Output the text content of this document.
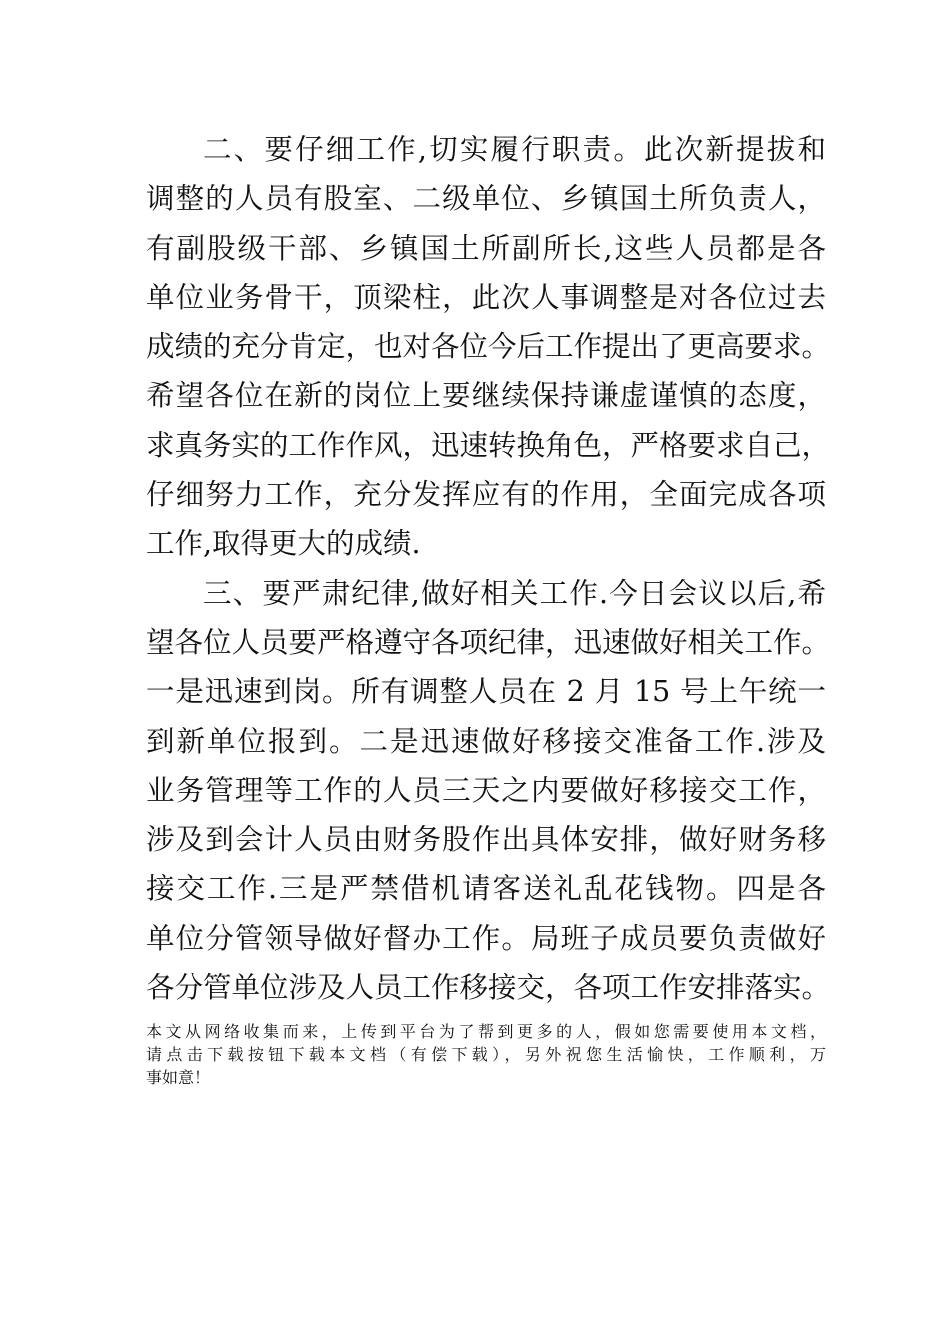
二、要仔细工作,切实履行职责。此次新提拔和
调整的人员有股室、二级单位、乡镇国土所负责人，
有副股级干部、乡镇国土所副所长,这些人员都是各
单位业务骨干，顶梁柱，此次人事调整是对各位过去
成绩的充分肯定，也对各位今后工作提出了更高要求。
希望各位在新的岗位上要继续保持谦虚谨慎的态度，
求真务实的工作作风，迅速转换角色，严格要求自己，
仔细努力工作，充分发挥应有的作用，全面完成各项
工作,取得更大的成绩.
三、要严肃纪律,做好相关工作.今日会议以后,希
望各位人员要严格遵守各项纪律，迅速做好相关工作。
一是迅速到岗。所有调整人员在 2 月 15 号上午统一
到新单位报到。二是迅速做好移接交准备工作.涉及
业务管理等工作的人员三天之内要做好移接交工作，
涉及到会计人员由财务股作出具体安排，做好财务移
接交工作.三是严禁借机请客送礼乱花钱物。四是各
单位分管领导做好督办工作。局班子成员要负责做好
各分管单位涉及人员工作移接交，各项工作安排落实。
本文从网络收集而来，上传到平台为了帮到更多的人，假如您需要使用本文档，
请点击下载按钮下载本文档（有偿下载），另外祝您生活愉快，工作顺利，万
事如意！
